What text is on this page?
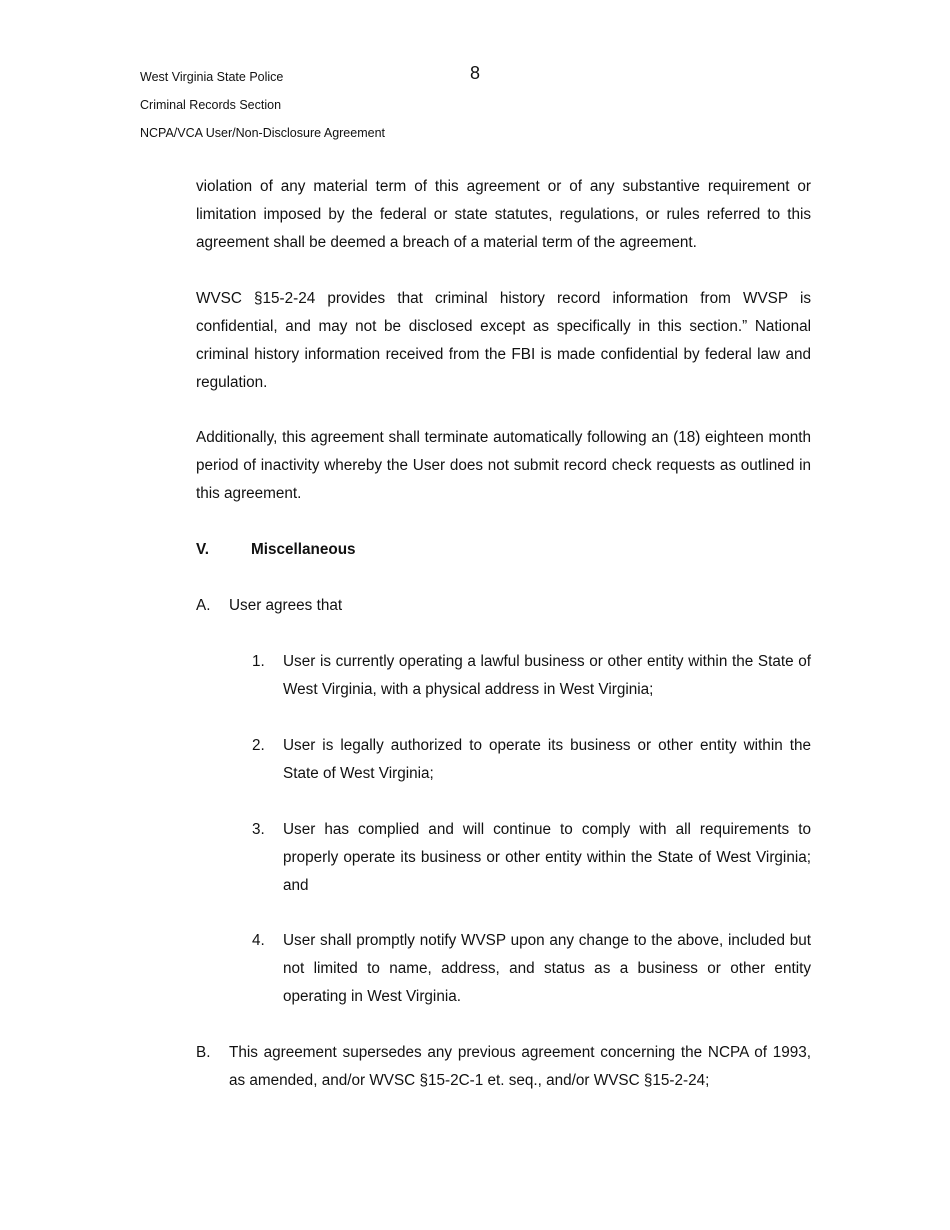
West Virginia State Police
Criminal Records Section
NCPA/VCA User/Non-Disclosure Agreement
8
violation of any material term of this agreement or of any substantive requirement or limitation imposed by the federal or state statutes, regulations, or rules referred to this agreement shall be deemed a breach of a material term of the agreement.
WVSC §15-2-24 provides that criminal history record information from WVSP is confidential, and may not be disclosed except as specifically in this section.” National criminal history information received from the FBI is made confidential by federal law and regulation.
Additionally, this agreement shall terminate automatically following an (18) eighteen month period of inactivity whereby the User does not submit record check requests as outlined in this agreement.
V.	Miscellaneous
A. User agrees that
1. User is currently operating a lawful business or other entity within the State of West Virginia, with a physical address in West Virginia;
2. User is legally authorized to operate its business or other entity within the State of West Virginia;
3. User has complied and will continue to comply with all requirements to properly operate its business or other entity within the State of West Virginia; and
4. User shall promptly notify WVSP upon any change to the above, included but not limited to name, address, and status as a business or other entity operating in West Virginia.
B. This agreement supersedes any previous agreement concerning the NCPA of 1993, as amended, and/or WVSC §15-2C-1 et. seq., and/or WVSC §15-2-24;
